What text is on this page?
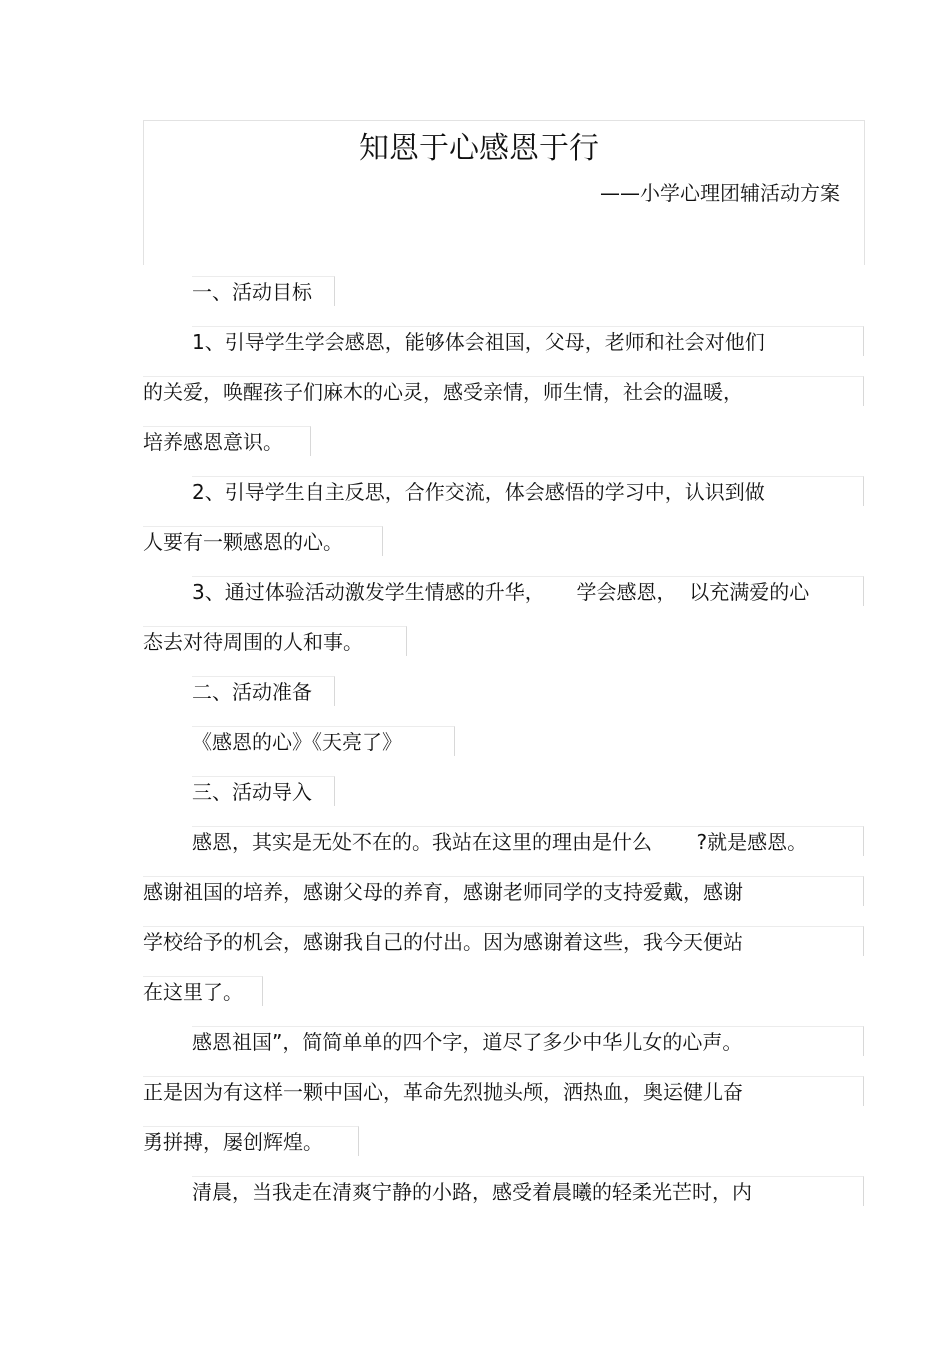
知恩于心感恩于行
——小学心理团辅活动方案
一、活动目标
1、引导学生学会感恩，能够体会祖国，父母，老师和社会对他们
的关爱，唤醒孩子们麻木的心灵，感受亲情，师生情，社会的温暖，
培养感恩意识。
2、引导学生自主反思，合作交流，体会感悟的学习中，认识到做
人要有一颗感恩的心。
3、通过体验活动激发学生情感的升华，     学会感恩，  以充满爱的心
态去对待周围的人和事。
二、活动准备
《感恩的心》《天亮了》
三、活动导入
感恩，其实是无处不在的。我站在这里的理由是什么       ?就是感恩。
感谢祖国的培养，感谢父母的养育，感谢老师同学的支持爱戴，感谢
学校给予的机会，感谢我自己的付出。因为感谢着这些，我今天便站
在这里了。
感恩祖国”，简简单单的四个字，道尽了多少中华儿女的心声。
正是因为有这样一颗中国心，革命先烈抛头颅，洒热血，奥运健儿奋
勇拼搏，屡创辉煌。
清晨，当我走在清爽宁静的小路，感受着晨曦的轻柔光芒时，内
